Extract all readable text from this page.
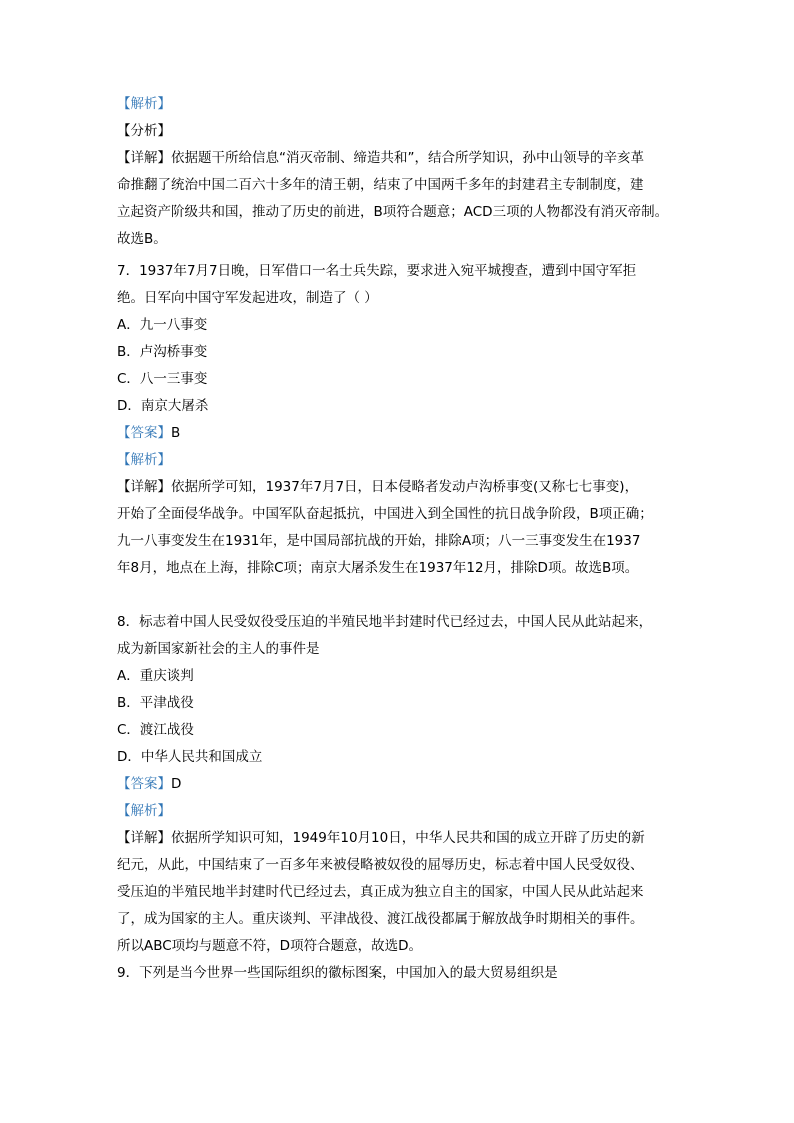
【解析】
【分析】
【详解】依据题干所给信息“消灭帝制、缔造共和”，结合所学知识，孙中山领导的辛亥革
命推翻了统治中国二百六十多年的清王朝，结束了中国两千多年的封建君主专制制度，建
立起资产阶级共和国，推动了历史的前进，B项符合题意；ACD三项的人物都没有消灭帝制。
故选B。
7．1937年7月7日晚，日军借口一名士兵失踪，要求进入宛平城搜查，遭到中国守军拒
绝。日军向中国守军发起进攻，制造了（ ）
A．九一八事变
B．卢沟桥事变
C．八一三事变
D．南京大屠杀
【答案】B
【解析】
【详解】依据所学可知，1937年7月7日，日本侵略者发动卢沟桥事变(又称七七事变)，
开始了全面侵华战争。中国军队奋起抵抗，中国进入到全国性的抗日战争阶段，B项正确；
九一八事变发生在1931年，是中国局部抗战的开始，排除A项；八一三事变发生在1937
年8月，地点在上海，排除C项；南京大屠杀发生在1937年12月，排除D项。故选B项。
8．标志着中国人民受奴役受压迫的半殖民地半封建时代已经过去，中国人民从此站起来，
成为新国家新社会的主人的事件是
A．重庆谈判
B．平津战役
C．渡江战役
D．中华人民共和国成立
【答案】D
【解析】
【详解】依据所学知识可知，1949年10月10日，中华人民共和国的成立开辟了历史的新
纪元，从此，中国结束了一百多年来被侵略被奴役的屈辱历史，标志着中国人民受奴役、
受压迫的半殖民地半封建时代已经过去，真正成为独立自主的国家，中国人民从此站起来
了，成为国家的主人。重庆谈判、平津战役、渡江战役都属于解放战争时期相关的事件。
所以ABC项均与题意不符，D项符合题意，故选D。
9．下列是当今世界一些国际组织的徽标图案，中国加入的最大贸易组织是
